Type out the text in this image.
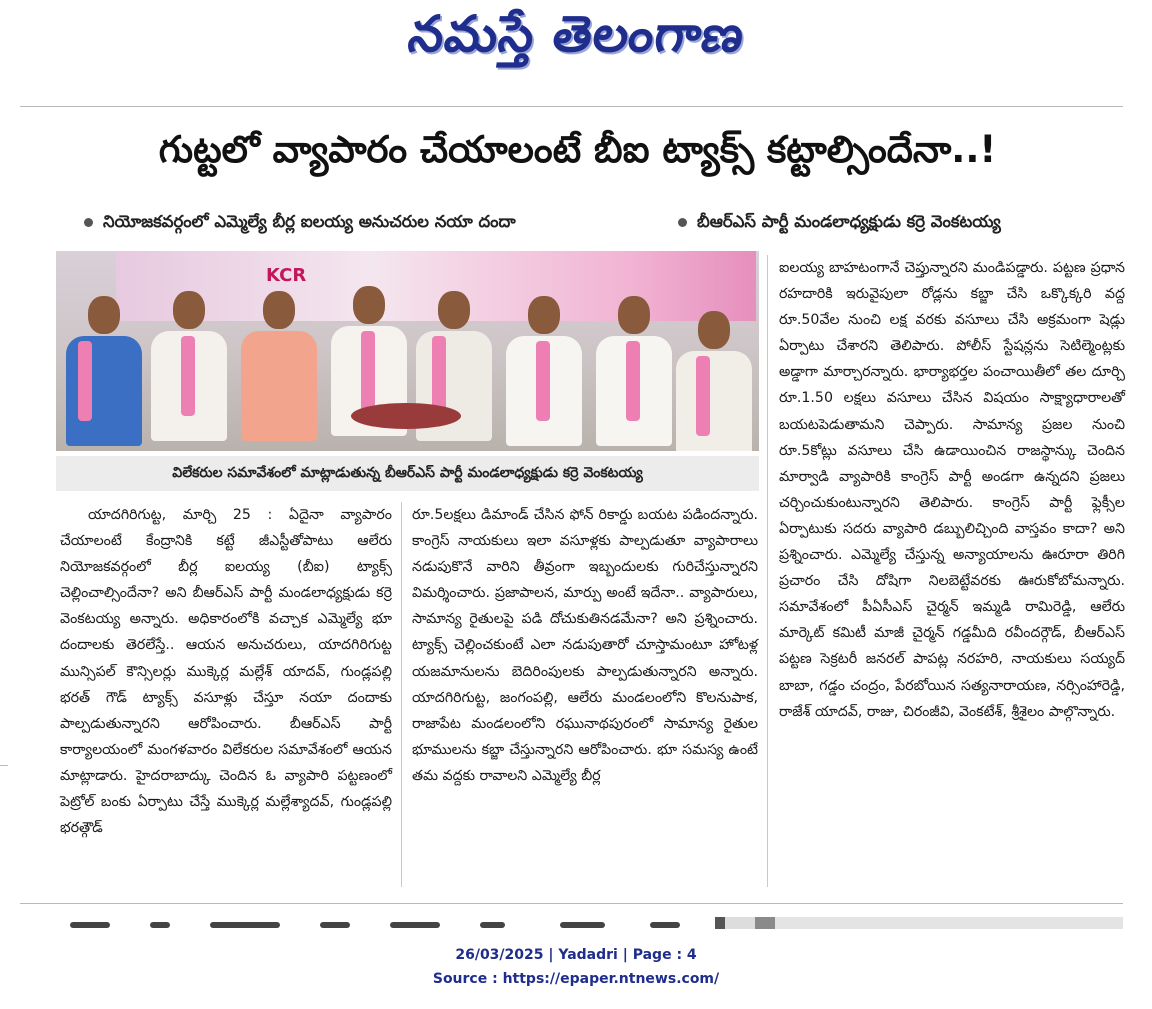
నమస్తే తెలంగాణ
గుట్టలో వ్యాపారం చేయాలంటే బీఐ ట్యాక్స్ కట్టాల్సిందేనా..!
నియోజకవర్గంలో ఎమ్మెల్యే బీర్ల ఐలయ్య అనుచరుల నయా దందా	బీఆర్ఎస్ పార్టీ మండలాధ్యక్షుడు కర్రె వెంకటయ్య
KCR
విలేకరుల సమావేశంలో మాట్లాడుతున్న బీఆర్ఎస్ పార్టీ మండలాధ్యక్షుడు కర్రె వెంకటయ్య

యాదగిరిగుట్ట, మార్చి 25 : ఏదైనా వ్యాపారం చేయాలంటే కేంద్రానికి కట్టే జీఎస్టీతోపాటు ఆలేరు నియోజకవర్గంలో బీర్ల ఐలయ్య (బీఐ) ట్యాక్స్ చెల్లించాల్సిందేనా? అని బీఆర్ఎస్ పార్టీ మండలాధ్యక్షుడు కర్రె వెంకటయ్య అన్నారు. అధికారంలోకి వచ్చాక ఎమ్మెల్యే భూ దందాలకు తెరలేస్తే.. ఆయన అనుచరులు, యాదగిరిగుట్ట మున్సిపల్ కౌన్సిలర్లు ముక్కెర్ల మల్లేశ్ యాదవ్, గుండ్లపల్లి భరత్ గౌడ్ ట్యాక్స్ వసూళ్లు చేస్తూ నయా దందాకు పాల్పడుతున్నారని ఆరోపించారు. బీఆర్ఎస్ పార్టీ కార్యాలయంలో మంగళవారం విలేకరుల సమావేశంలో ఆయన మాట్లాడారు. హైదరాబాద్కు చెందిన ఓ వ్యాపారి పట్టణంలో పెట్రోల్ బంకు ఏర్పాటు చేస్తే ముక్కెర్ల మల్లేశ్యాదవ్, గుండ్లపల్లి భరత్గౌడ్

రూ.5లక్షలు డిమాండ్ చేసిన ఫోన్ రికార్డు బయట పడిందన్నారు. కాంగ్రెస్ నాయకులు ఇలా వసూళ్లకు పాల్పడుతూ వ్యాపారాలు నడుపుకొనే వారిని తీవ్రంగా ఇబ్బందులకు గురిచేస్తున్నారని విమర్శించారు. ప్రజాపాలన, మార్పు అంటే ఇదేనా.. వ్యాపారులు, సామాన్య రైతులపై పడి దోచుకుతినడమేనా? అని ప్రశ్నించారు. ట్యాక్స్ చెల్లించకుంటే ఎలా నడుపుతారో చూస్తామంటూ హోటళ్ల యజమానులను బెదిరింపులకు పాల్పడుతున్నారని అన్నారు. యాదగిరిగుట్ట, జంగంపల్లి, ఆలేరు మండలంలోని కొలనుపాక, రాజాపేట మండలంలోని రఘునాథపురంలో సామాన్య రైతుల భూములను కబ్జా చేస్తున్నారని ఆరోపించారు. భూ సమస్య ఉంటే తమ వద్దకు రావాలని ఎమ్మెల్యే బీర్ల

ఐలయ్య బాహటంగానే చెప్తున్నారని మండిపడ్డారు. పట్టణ ప్రధాన రహదారికి ఇరువైపులా రోడ్లను కబ్జా చేసి ఒక్కొక్కరి వద్ద రూ.50వేల నుంచి లక్ష వరకు వసూలు చేసి అక్రమంగా షెడ్లు ఏర్పాటు చేశారని తెలిపారు. పోలీస్ స్టేషన్లను సెటిల్మెంట్లకు అడ్డాగా మార్చారన్నారు. భార్యాభర్తల పంచాయితీలో తల దూర్చి రూ.1.50 లక్షలు వసూలు చేసిన విషయం సాక్ష్యాధారాలతో బయటపెడుతామని చెప్పారు. సామాన్య ప్రజల నుంచి రూ.5కోట్లు వసూలు చేసి ఉడాయించిన రాజస్థాన్కు చెందిన మార్వాడి వ్యాపారికి కాంగ్రెస్ పార్టీ అండగా ఉన్నదని ప్రజలు చర్చించుకుంటున్నారని తెలిపారు. కాంగ్రెస్ పార్టీ ఫ్లెక్సీల ఏర్పాటుకు సదరు వ్యాపారి డబ్బులిచ్చింది వాస్తవం కాదా? అని ప్రశ్నించారు. ఎమ్మెల్యే చేస్తున్న అన్యాయాలను ఊరూరా తిరిగి ప్రచారం చేసి దోషిగా నిలబెట్టేవరకు ఊరుకోబోమన్నారు. సమావేశంలో పీఏసీఎస్ చైర్మన్ ఇమ్మడి రామిరెడ్డి, ఆలేరు మార్కెట్ కమిటీ మాజీ చైర్మన్ గడ్డమీది రవీందర్గౌడ్, బీఆర్ఎస్ పట్టణ సెక్రటరీ జనరల్ పాపట్ల నరహరి, నాయకులు సయ్యద్ బాబా, గడ్డం చంద్రం, పేరబోయిన సత్యనారాయణ, నర్సింహారెడ్డి, రాజేశ్ యాదవ్, రాజు, చిరంజీవి, వెంకటేశ్, శ్రీశైలం పాల్గొన్నారు.

26/03/2025 | Yadadri | Page : 4
Source : https://epaper.ntnews.com/
